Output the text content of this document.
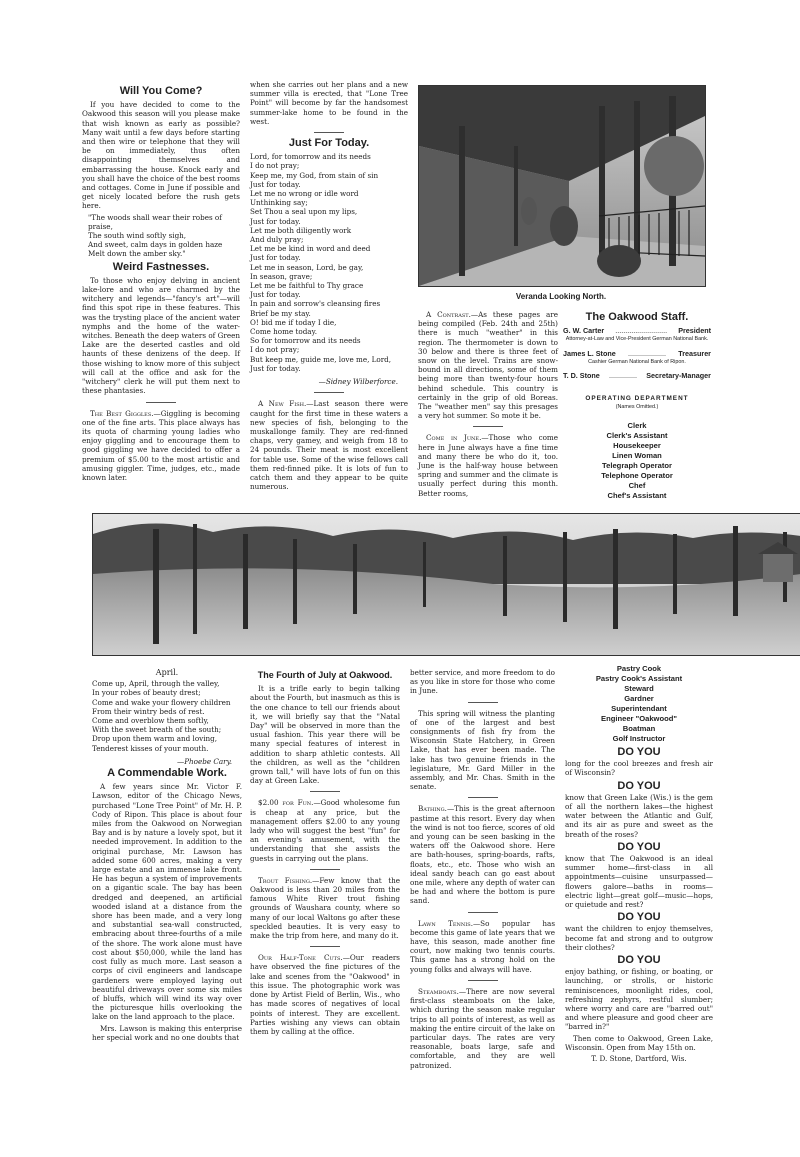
Will You Come?

If you have decided to come to the Oakwood this season will you please make that wish known as early as possible? Many wait until a few days before starting and then wire or telephone that they will be on immediately, thus often disappointing themselves and embarrassing the house. Knock early and you shall have the choice of the best rooms and cottages. Come in June if possible and get nicely located before the rush gets here.

"The woods shall wear their robes of praise,
The south wind softly sigh,
And sweet, calm days in golden haze
Melt down the amber sky."
Weird Fastnesses.

To those who enjoy delving in ancient lake-lore and who are charmed by the witchery and legends—"fancy's art"—will find this spot ripe in these features. This was the trysting place of the ancient water nymphs and the home of the water-witches. Beneath the deep waters of Green Lake are the deserted castles and old haunts of these denizens of the deep. If those wishing to know more of this subject will call at the office and ask for the "witchery" clerk he will put them next to these phantasies.

The Best Giggles.—Giggling is becoming one of the fine arts. This place always has its quota of charming young ladies who enjoy giggling and to encourage them to good giggling we have decided to offer a premium of $5.00 to the most artistic and amusing giggler. Time, judges, etc., made known later.

when she carries out her plans and a new summer villa is erected, that "Lone Tree Point" will become by far the handsomest summer-lake home to be found in the west.

Just For Today.
Lord, for tomorrow and its needs
I do not pray;
Keep me, my God, from stain of sin
Just for today.
Let me no wrong or idle word
Unthinking say;
Set Thou a seal upon my lips,
Just for today.
Let me both diligently work
And duly pray;
Let me be kind in word and deed
Just for today.
Let me in season, Lord, be gay,
In season, grave;
Let me be faithful to Thy grace
Just for today.
In pain and sorrow's cleansing fires
Brief be my stay.
O! bid me if today I die,
Come home today.
So for tomorrow and its needs
I do not pray;
But keep me, guide me, love me, Lord,
Just for today.
—Sidney Wilberforce.

A New Fish.—Last season there were caught for the first time in these waters a new species of fish, belonging to the muskallonge family. They are red-finned chaps, very gamey, and weigh from 18 to 24 pounds. Their meat is most excellent for table use. Some of the wise fellows call them red-finned pike. It is lots of fun to catch them and they appear to be quite numerous.

Veranda Looking North.

A Contrast.—As these pages are being compiled (Feb. 24th and 25th) there is much "weather" in this region. The thermometer is down to 30 below and there is three feet of snow on the level. Trains are snow-bound in all directions, some of them being more than twenty-four hours behind schedule. This country is certainly in the grip of old Boreas. The "weather men" say this presages a very hot summer. So mote it be.

Come in June.—Those who come here in June always have a fine time and many there be who do it, too. June is the half-way house between spring and summer and the climate is usually perfect during this month. Better rooms,

The Oakwood Staff.
G. W. Carter .......................... President
Attorney-at-Law and Vice-President German National Bank.
James L. Stone ................... Treasurer
Cashier German National Bank of Ripon.
T. D. Stone .............. Secretary-Manager
OPERATING DEPARTMENT
(Names Omitted.)
Clerk
Clerk's Assistant
Housekeeper
Linen Woman
Telegraph Operator
Telephone Operator
Chef
Chef's Assistant
April.
Come up, April, through the valley,
In your robes of beauty drest;
Come and wake your flowery children
From their wintry beds of rest.
Come and overblow them softly,
With the sweet breath of the south;
Drop upon them warm and loving,
Tenderest kisses of your mouth.
—Phoebe Cary.
A Commendable Work.

A few years since Mr. Victor F. Lawson, editor of the Chicago News, purchased "Lone Tree Point" of Mr. H. P. Cody of Ripon. This place is about four miles from the Oakwood on Norwegian Bay and is by nature a lovely spot, but it needed improvement. In addition to the original purchase, Mr. Lawson has added some 600 acres, making a very large estate and an immense lake front. He has begun a system of improvements on a gigantic scale. The bay has been dredged and deepened, an artificial wooded island at a distance from the shore has been made, and a very long and substantial sea-wall constructed, embracing about three-fourths of a mile of the shore. The work alone must have cost about $50,000, while the land has cost fully as much more. Last season a corps of civil engineers and landscape gardeners were employed laying out beautiful driveways over some six miles of bluffs, which will wind its way over the picturesque hills overlooking the lake on the land approach to the place.

Mrs. Lawson is making this enterprise her special work and no one doubts that

The Fourth of July at Oakwood.

It is a trifle early to begin talking about the Fourth, but inasmuch as this is the one chance to tell our friends about it, we will briefly say that the "Natal Day" will be observed in more than the usual fashion. This year there will be many special features of interest in addition to sharp athletic contests. All the children, as well as the "children grown tall," will have lots of fun on this day at Green Lake.

$2.00 for Fun.—Good wholesome fun is cheap at any price, but the management offers $2.00 to any young lady who will suggest the best "fun" for an evening's amusement, with the understanding that she assists the guests in carrying out the plans.

Trout Fishing.—Few know that the Oakwood is less than 20 miles from the famous White River trout fishing grounds of Waushara county, where so many of our local Waltons go after these speckled beauties. It is very easy to make the trip from here, and many do it.

Our Half-Tone Cuts.—Our readers have observed the fine pictures of the lake and scenes from the "Oakwood" in this issue. The photographic work was done by Artist Field of Berlin, Wis., who has made scores of negatives of local points of interest. They are excellent. Parties wishing any views can obtain them by calling at the office.

better service, and more freedom to do as you like in store for those who come in June.

This spring will witness the planting of one of the largest and best consignments of fish fry from the Wisconsin State Hatchery, in Green Lake, that has ever been made. The lake has two genuine friends in the legislature, Mr. Gard Miller in the assembly, and Mr. Chas. Smith in the senate.

Bathing.—This is the great afternoon pastime at this resort. Every day when the wind is not too fierce, scores of old and young can be seen basking in the waters off the Oakwood shore. Here are bath-houses, spring-boards, rafts, floats, etc., etc. Those who wish an ideal sandy beach can go east about one mile, where any depth of water can be had and where the bottom is pure sand.

Lawn Tennis.—So popular has become this game of late years that we have, this season, made another fine court, now making two tennis courts. This game has a strong hold on the young folks and always will have.

Steamboats.—There are now several first-class steamboats on the lake, which during the season make regular trips to all points of interest, as well as making the entire circuit of the lake on particular days. The rates are very reasonable, boats large, safe and comfortable, and they are well patronized.

Pastry Cook
Pastry Cook's Assistant
Steward
Gardner
Superintendant
Engineer "Oakwood"
Boatman
Golf Instructor
DO YOU

long for the cool breezes and fresh air of Wisconsin?

DO YOU

know that Green Lake (Wis.) is the gem of all the northern lakes—the highest water between the Atlantic and Gulf, and its air as pure and sweet as the breath of the roses?

DO YOU

know that The Oakwood is an ideal summer home—first-class in all appointments—cuisine unsurpassed—flowers galore—baths in rooms—electric light—great golf—music—hops, or quietude and rest?

DO YOU

want the children to enjoy themselves, become fat and strong and to outgrow their clothes?

DO YOU

enjoy bathing, or fishing, or boating, or launching, or strolls, or historic reminiscences, moonlight rides, cool, refreshing zephyrs, restful slumber; where worry and care are "barred out" and where pleasure and good cheer are "barred in?"

Then come to Oakwood, Green Lake, Wisconsin. Open from May 15th on.

T. D. Stone, Dartford, Wis.
